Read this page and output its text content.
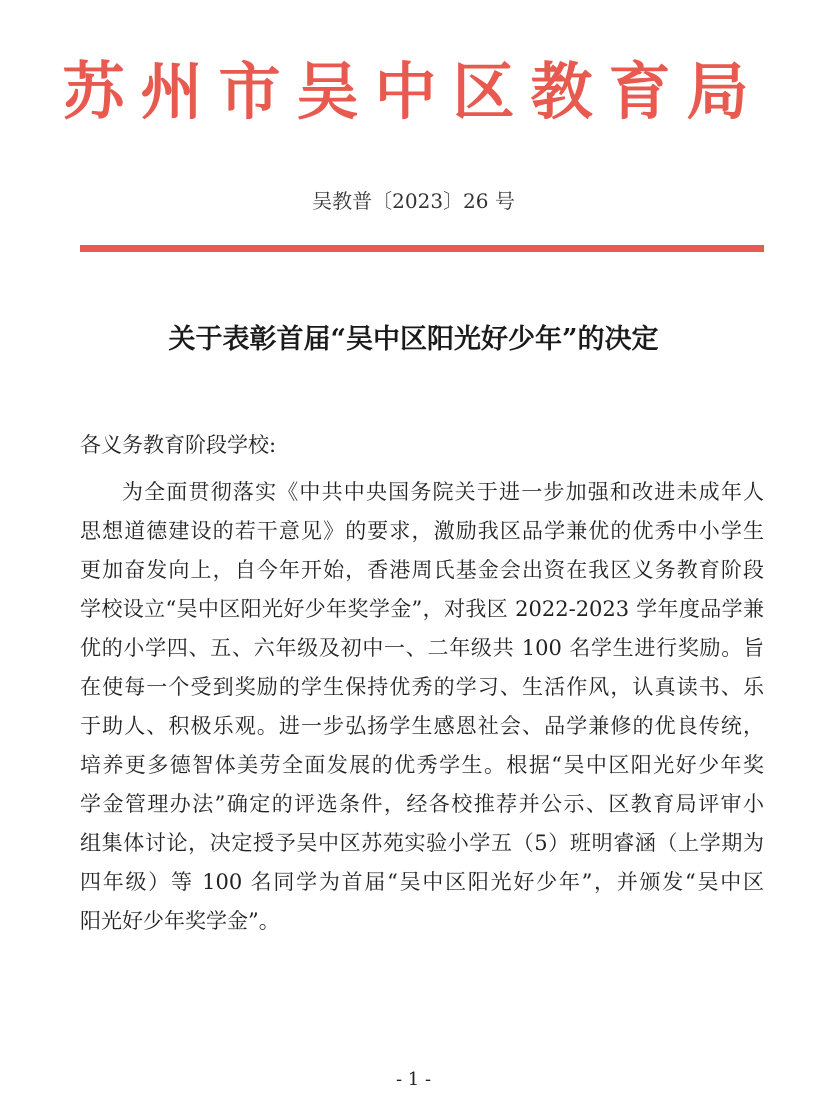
苏州市吴中区教育局
吴教普〔2023〕26 号
关于表彰首届“吴中区阳光好少年”的决定
各义务教育阶段学校:
为全面贯彻落实《中共中央国务院关于进一步加强和改进未成年人
思想道德建设的若干意见》的要求，激励我区品学兼优的优秀中小学生
更加奋发向上，自今年开始，香港周氏基金会出资在我区义务教育阶段
学校设立“吴中区阳光好少年奖学金”，对我区 2022-2023 学年度品学兼
优的小学四、五、六年级及初中一、二年级共 100 名学生进行奖励。旨
在使每一个受到奖励的学生保持优秀的学习、生活作风，认真读书、乐
于助人、积极乐观。进一步弘扬学生感恩社会、品学兼修的优良传统，
培养更多德智体美劳全面发展的优秀学生。根据“吴中区阳光好少年奖
学金管理办法”确定的评选条件，经各校推荐并公示、区教育局评审小
组集体讨论，决定授予吴中区苏苑实验小学五（5）班明睿涵（上学期为
四年级）等 100 名同学为首届“吴中区阳光好少年”，并颁发“吴中区
阳光好少年奖学金”。
- 1 -
